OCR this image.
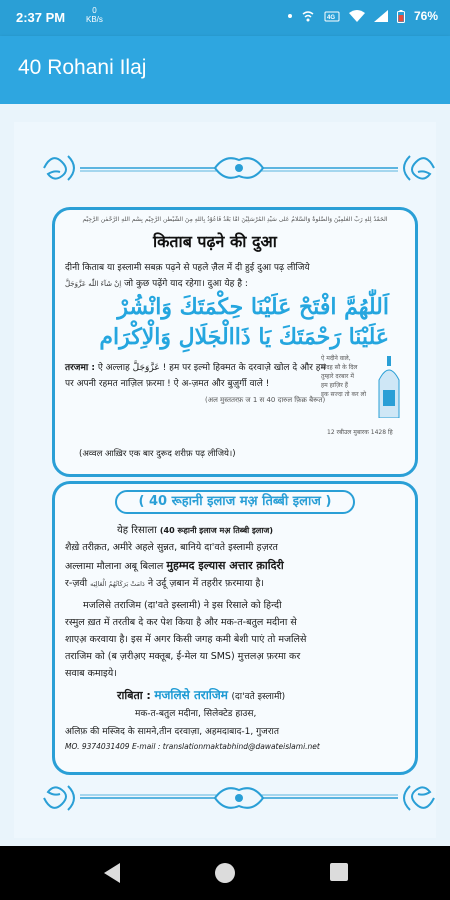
2:37 PM	0
KB/s	4G	76%
40 Rohani Ilaj
اَلْحَمْدُ لِلّٰهِ رَبِّ الْعٰلَمِيْنَ وَالصَّلٰوةُ وَالسَّلَامُ عَلٰى سَيِّدِ الْمُرْسَلِيْنَ اَمَّا بَعْدُ فَاَعُوْذُ بِاللّٰهِ مِنَ الشَّيْطٰنِ الرَّجِيْمِ بِسْمِ اللّٰهِ الرَّحْمٰنِ الرَّحِيْمِ
किताब पढ़ने की दुआ
दीनी किताब या इस्लामी सबक़ पढ़ने से पहले ज़ैल में दी हुई दुआ पढ़ लीजिये
اِنْ شَآءَ اللّٰه عَزَّوَجَلَّ जो कुछ पढ़ेंगे याद रहेगा। दुआ येह है :
اَللّٰهُمَّ افْتَحْ عَلَيْنَا حِكْمَتَكَ وَانْشُرْ
عَلَيْنَا رَحْمَتَكَ يَا ذَاالْجَلَالِ وَالْاِكْرَام
तरजमा : ऐ अल्लाह عَزَّوَجَلَّ ! हम पर इल्मो हिक्मत के दरवाज़े खोल दे और हम
पर अपनी रहमत नाज़िल फ़रमा ! ऐ अ-ज़मत और बुज़ुर्गी वाले !
(अल मुस्ततरफ़ ज 1 स 40 दारुल फ़िक्र बैरूत)
ऐ मदीने वाले,
चौदह सौ के दिल
तुम्हारे दरबार में
हम हाज़िर हैं
इक सज्दा तो कर लो
12 रबीउल मुबारक 1428 हि
(अव्वल आख़िर एक बार दुरूद शरीफ़ पढ़ लीजिये।)
( 40 रूहानी इलाज मअ़ तिब्बी इलाज )
येह रिसाला (40 रूहानी इलाज मअ़ तिब्बी इलाज)
शैख़े तरीक़त, अमीरे अहले सुन्नत, बानिये दा'वते इस्लामी हज़रत
अल्लामा मौलाना अबू बिलाल मुहम्मद इल्यास अत्तार क़ादिरी
र-ज़वी دَامَتْ بَرَكَاتُهُمُ الْعَالِيَه ने उर्दू ज़बान में तहरीर फ़रमाया है।
मजलिसे तराजिम (दा'वते इस्लामी) ने इस रिसाले को हिन्दी
रस्मुल ख़त में तरतीब दे कर पेश किया है और मक-त-बतुल मदीना से
शाएअ़ करवाया है। इस में अगर किसी जगह कमी बेशी पाएं तो मजलिसे
तराजिम को (ब ज़रीअ़ए मक्तूब, ई-मेल या SMS) मुत्तलअ़ फ़रमा कर
सवाब कमाइये।
राबिता : मजलिसे तराजिम (दा'वते इस्लामी)
मक-त-बतुल मदीना, सिलेक्टेड हाउस,
अलिफ़ की मस्जिद के सामने,तीन दरवाज़ा, अहमदाबाद-1, गुजरात
MO. 9374031409 E-mail : translationmaktabhind@dawateislami.net
